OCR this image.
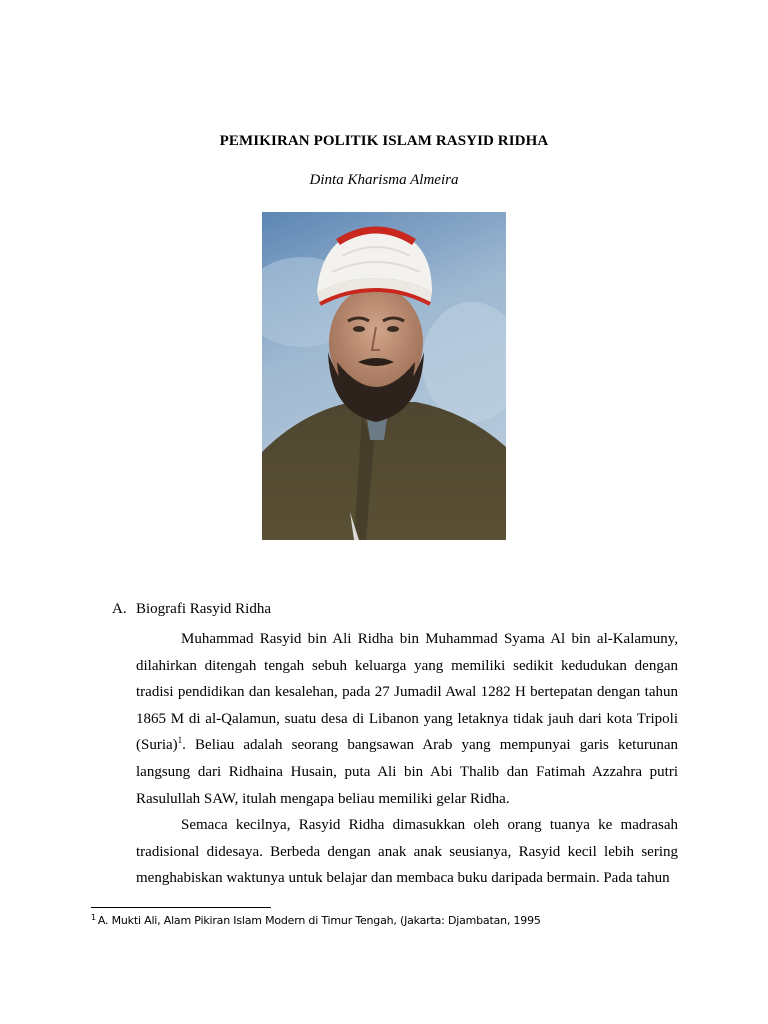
PEMIKIRAN POLITIK ISLAM RASYID RIDHA
Dinta Kharisma Almeira
A. Biografi Rasyid Ridha

Muhammad Rasyid bin Ali Ridha bin Muhammad Syama Al bin al-Kalamuny, dilahirkan ditengah tengah sebuh keluarga yang memiliki sedikit kedudukan dengan tradisi pendidikan dan kesalehan, pada 27 Jumadil Awal 1282 H bertepatan dengan tahun 1865 M di al-Qalamun, suatu desa di Libanon yang letaknya tidak jauh dari kota Tripoli (Suria)$^1$. Beliau adalah seorang bangsawan Arab yang mempunyai garis keturunan langsung dari Ridhaina Husain, puta Ali bin Abi Thalib dan Fatimah Azzahra putri Rasulullah SAW, itulah mengapa beliau memiliki gelar Ridha.

Semaca kecilnya, Rasyid Ridha dimasukkan oleh orang tuanya ke madrasah tradisional didesaya. Berbeda dengan anak anak seusianya, Rasyid kecil lebih sering menghabiskan waktunya untuk belajar dan membaca buku daripada bermain. Pada tahun

$^1$ A. Mukti Ali, Alam Pikiran Islam Modern di Timur Tengah, (Jakarta: Djambatan, 1995
